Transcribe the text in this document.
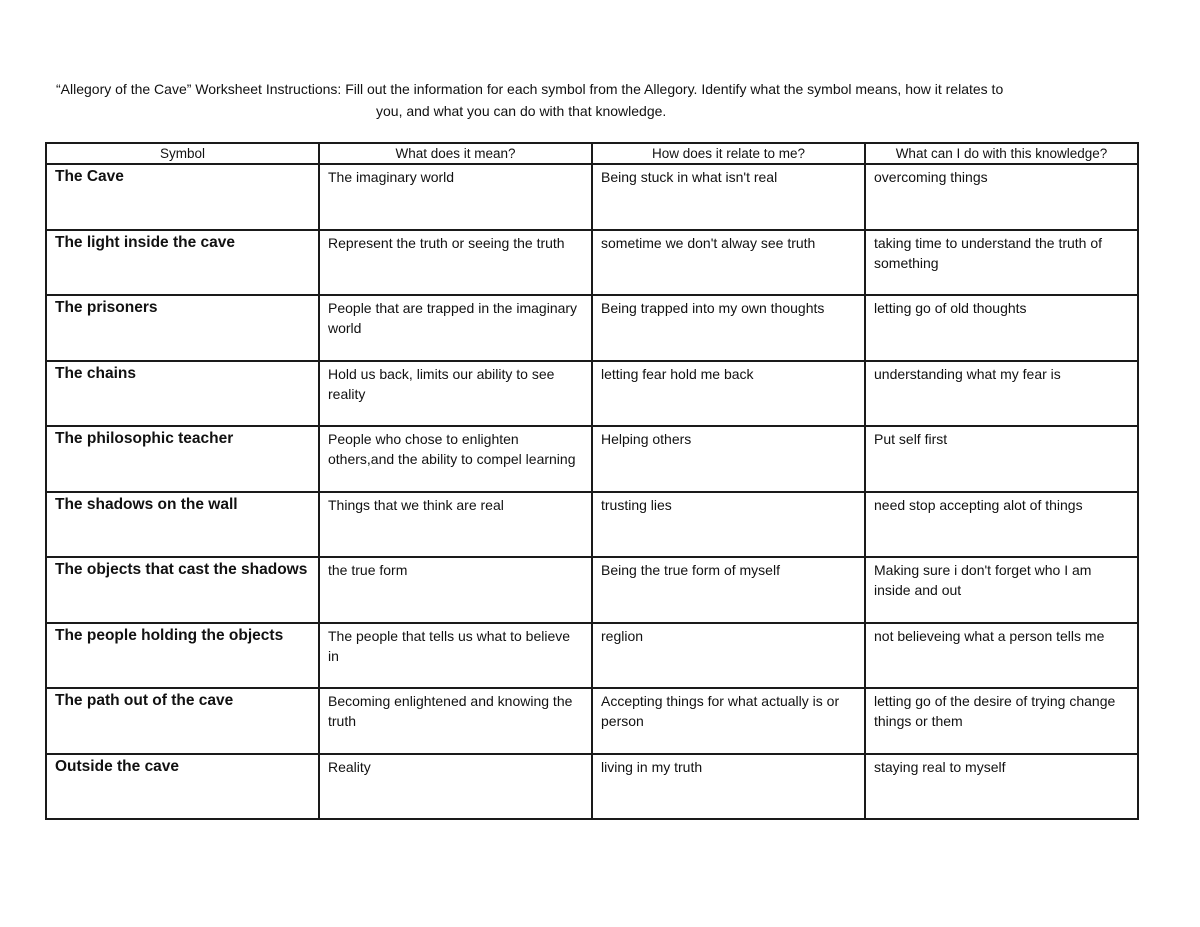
“Allegory of the Cave” Worksheet Instructions: Fill out the information for each symbol from the Allegory. Identify what the symbol means, how it relates to
you, and what you can do with that knowledge.
Symbol	What does it mean?	How does it relate to me?	What can I do with this knowledge?
The Cave	The imaginary world	Being stuck in what isn't real	overcoming things
The light inside the cave	Represent the truth or seeing the truth	sometime we don't alway see truth	taking time to understand the truth of something
The prisoners	People that are trapped in the imaginary world	Being trapped into my own thoughts	letting go of old thoughts
The chains	Hold us back, limits our ability to see reality	letting fear hold me back	understanding what my fear is
The philosophic teacher	People who chose to enlighten others,and the ability to compel learning	Helping others	Put self first
The shadows on the wall	Things that we think are real	trusting lies	need stop accepting alot of things
The objects that cast the shadows	the true form	Being the true form of myself	Making sure i don't forget who I am inside and out
The people holding the objects	The people that tells us what to believe in	reglion	not believeing what a person tells me
The path out of the cave	Becoming enlightened and knowing the truth	Accepting things for what actually is or person	letting go of the desire of trying change things or them
Outside the cave	Reality	living in my truth	staying real to myself
